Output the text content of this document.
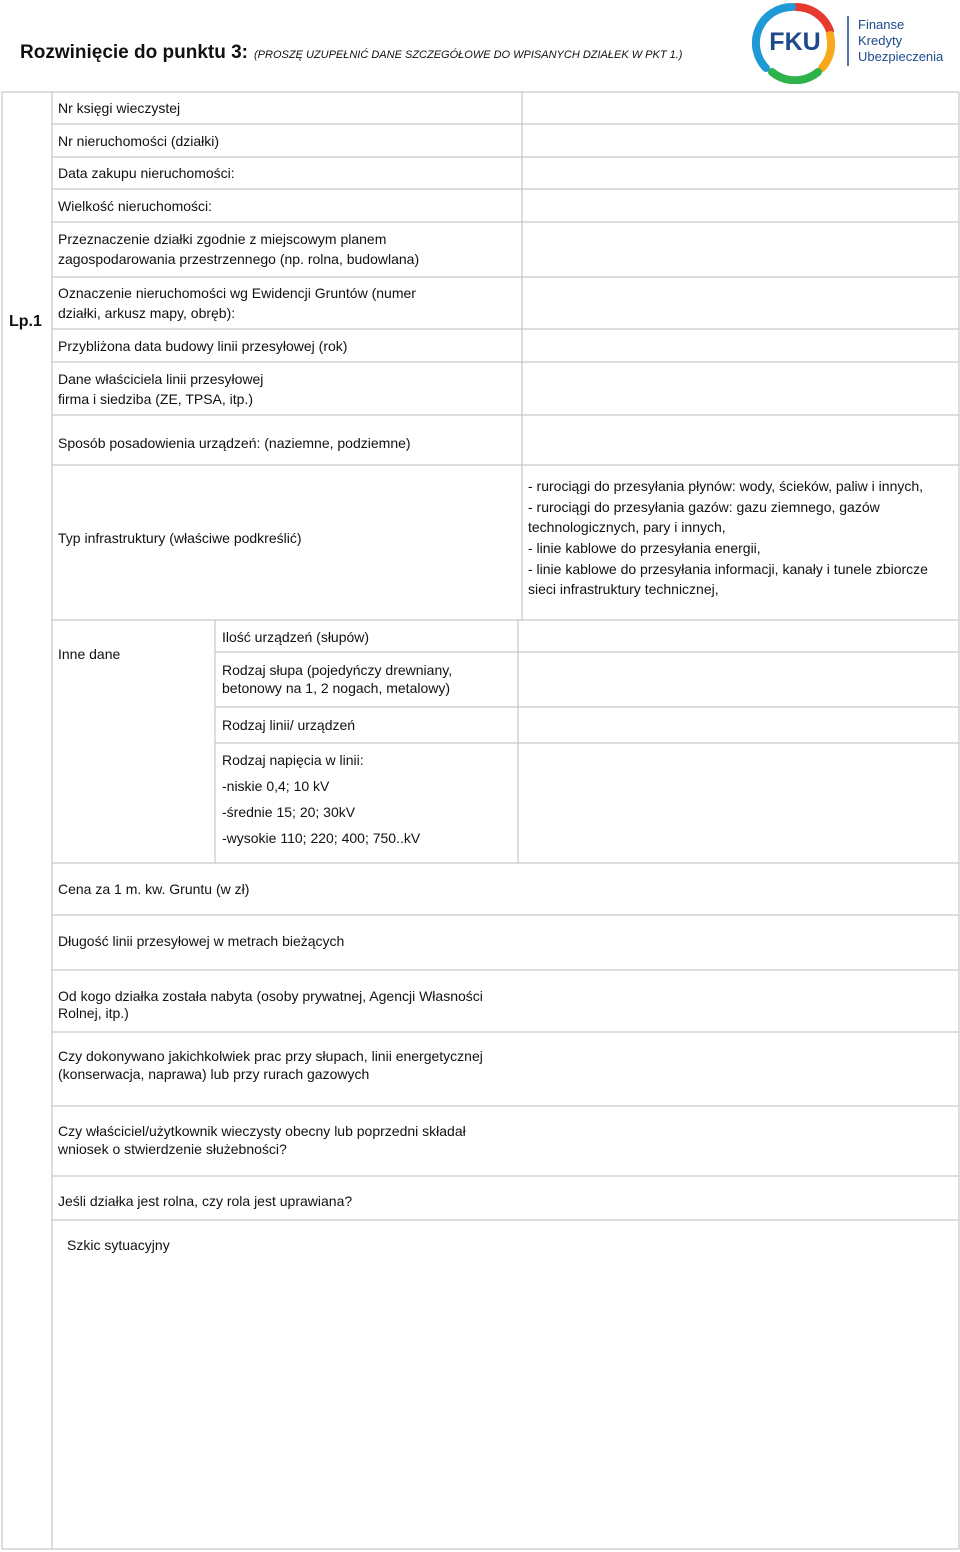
Rozwinięcie do punktu 3: (PROSZĘ UZUPEŁNIĆ DANE SZCZEGÓŁOWE DO WPISANYCH DZIAŁEK W PKT 1.)	FKU
Finanse
Kredyty
Ubezpieczenia
Lp.1
Nr księgi wieczystej
Nr nieruchomości (działki)
Data zakupu nieruchomości:
Wielkość nieruchomości:
Przeznaczenie działki zgodnie z miejscowym planem
zagospodarowania przestrzennego (np. rolna, budowlana)
Oznaczenie nieruchomości wg Ewidencji Gruntów (numer
działki, arkusz mapy, obręb):
Przybliżona data budowy linii przesyłowej (rok)
Dane właściciela linii przesyłowej
firma i siedziba (ZE, TPSA, itp.)
Sposób posadowienia urządzeń: (naziemne, podziemne)
Typ infrastruktury (właściwe podkreślić)
- rurociągi do przesyłania płynów: wody, ścieków, paliw i innych,
- rurociągi do przesyłania gazów: gazu ziemnego, gazów
technologicznych, pary i innych,
- linie kablowe do przesyłania energii,
- linie kablowe do przesyłania informacji, kanały i tunele zbiorcze
sieci infrastruktury technicznej,
Inne dane
Ilość urządzeń (słupów)
Rodzaj słupa (pojedyńczy drewniany,
betonowy na 1, 2 nogach, metalowy)
Rodzaj linii/ urządzeń
Rodzaj napięcia w linii:
-niskie 0,4; 10 kV
-średnie 15; 20; 30kV
-wysokie 110; 220; 400; 750..kV
Cena za 1 m. kw. Gruntu (w zł)
Długość linii przesyłowej w metrach bieżących
Od kogo działka została nabyta (osoby prywatnej, Agencji Własności
Rolnej, itp.)
Czy dokonywano jakichkolwiek prac przy słupach, linii energetycznej
(konserwacja, naprawa) lub przy rurach gazowych
Czy właściciel/użytkownik wieczysty obecny lub poprzedni składał
wniosek o stwierdzenie służebności?
Jeśli działka jest rolna, czy rola jest uprawiana?
Szkic sytuacyjny
